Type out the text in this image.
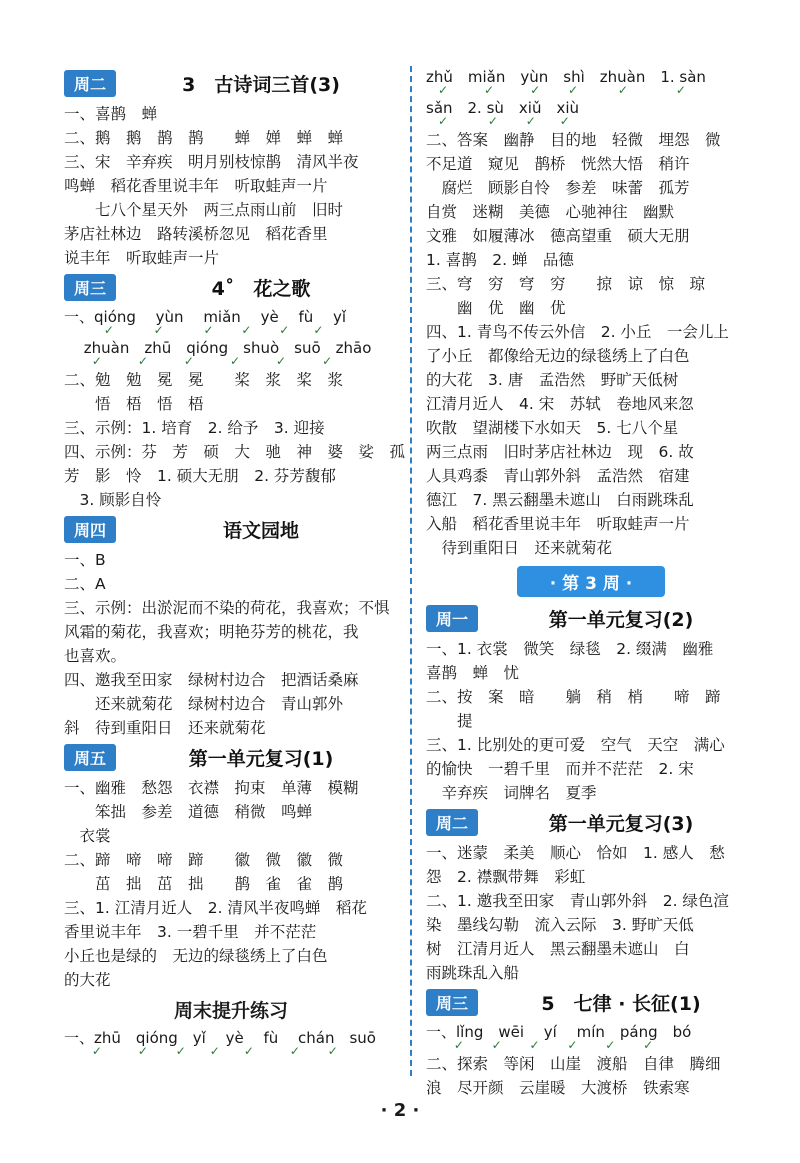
周二	3　古诗词三首(3)
一、喜鹊　蝉
二、鹅　鹅　鹊　鹊　　蝉　婵　蝉　蝉
三、宋　辛弃疾　明月别枝惊鹊　清风半夜
鸣蝉　稻花香里说丰年　听取蛙声一片
　　七八个星天外　两三点雨山前　旧时
茅店社林边　路转溪桥忽见　稻花香里
说丰年　听取蛙声一片
周三	4˚　花之歌
一、qióng　 yùn　 miǎn　 yè　 fù　 yǐ
　　　 ✓　　　 ✓　　　 ✓　　 ✓　　 ✓　　✓
　 zhuàn　zhū　qióng　shuò　suō　zhāo
　　 ✓　　　✓　　　✓　　　✓　　　✓　　　✓
二、勉　勉　冕　冕　　桨　浆　桨　浆
　　悟　梧　悟　梧
三、示例：1. 培育　2. 给予　3. 迎接
四、示例：芬　芳　硕　大　驰　神　婆　娑　孤
芳　影　怜　1. 硕大无朋　2. 芬芳馥郁
　3. 顾影自怜
周四	语文园地
一、B
二、A
三、示例：出淤泥而不染的荷花，我喜欢；不惧
风霜的菊花，我喜欢；明艳芬芳的桃花，我
也喜欢。
四、邀我至田家　绿树村边合　把酒话桑麻
　　还来就菊花　绿树村边合　青山郭外
斜　待到重阳日　还来就菊花
周五	第一单元复习(1)
一、幽雅　愁怨　衣襟　拘束　单薄　模糊
　　笨拙　参差　道德　稍微　鸣蝉
　衣裳
二、蹄　啼　啼　蹄　　徽　微　徽　微
　　茁　拙　茁　拙　　鹊　雀　雀　鹊
三、1. 江清月近人　2. 清风半夜鸣蝉　稻花
香里说丰年　3. 一碧千里　并不茫茫
小丘也是绿的　无边的绿毯绣上了白色
的大花
周末提升练习
一、zhū　qióng　yǐ　 yè　 fù　 chán　suō
　　 ✓　　　✓　　 ✓　　✓　　✓　　　✓　　 ✓
zhǔ　miǎn　yùn　shì　zhuàn　1. sàn
　✓　　　✓　　　✓　　 ✓　　　 ✓　　　　✓
sǎn　2. sù　xiǔ　xiù
　✓　　　 ✓　　 ✓　　✓
二、答案　幽静　目的地　轻微　埋怨　微
不足道　窥见　鹊桥　恍然大悟　稍许
　腐烂　顾影自怜　参差　味蕾　孤芳
自赏　迷糊　美德　心驰神往　幽默
文雅　如履薄冰　德高望重　硕大无朋
1. 喜鹊　2. 蝉　品德
三、穹　穷　穹　穷　　掠　谅　惊　琼
　　幽　优　幽　优
四、1. 青鸟不传云外信　2. 小丘　一会儿上
了小丘　都像给无边的绿毯绣上了白色
的大花　3. 唐　孟浩然　野旷天低树
江清月近人　4. 宋　苏轼　卷地风来忽
吹散　望湖楼下水如天　5. 七八个星
两三点雨　旧时茅店社林边　现　6. 故
人具鸡黍　青山郭外斜　孟浩然　宿建
德江　7. 黑云翻墨未遮山　白雨跳珠乱
入船　稻花香里说丰年　听取蛙声一片
　待到重阳日　还来就菊花
· 第 3 周 ·
周一	第一单元复习(2)
一、1. 衣裳　微笑　绿毯　2. 缀满　幽雅
喜鹊　蝉　忧
二、按　案　暗　　躺　稍　梢　　啼　蹄
　　提
三、1. 比别处的更可爱　空气　天空　满心
的愉快　一碧千里　而并不茫茫　2. 宋
　辛弃疾　词牌名　夏季
周二	第一单元复习(3)
一、迷蒙　柔美　顺心　恰如　1. 感人　愁
怨　2. 襟飘带舞　彩虹
二、1. 邀我至田家　青山郭外斜　2. 绿色渲
染　墨线勾勒　流入云际　3. 野旷天低
树　江清月近人　黑云翻墨未遮山　白
雨跳珠乱入船
周三	5　七律 · 长征(1)
一、lǐng　wēi　 yí　 mín　páng　bó
　　 ✓　　 ✓　　 ✓　　 ✓　　 ✓　　 ✓
二、探索　等闲　山崖　渡船　自律　腾细
浪　尽开颜　云崖暖　大渡桥　铁索寒
· 2 ·
